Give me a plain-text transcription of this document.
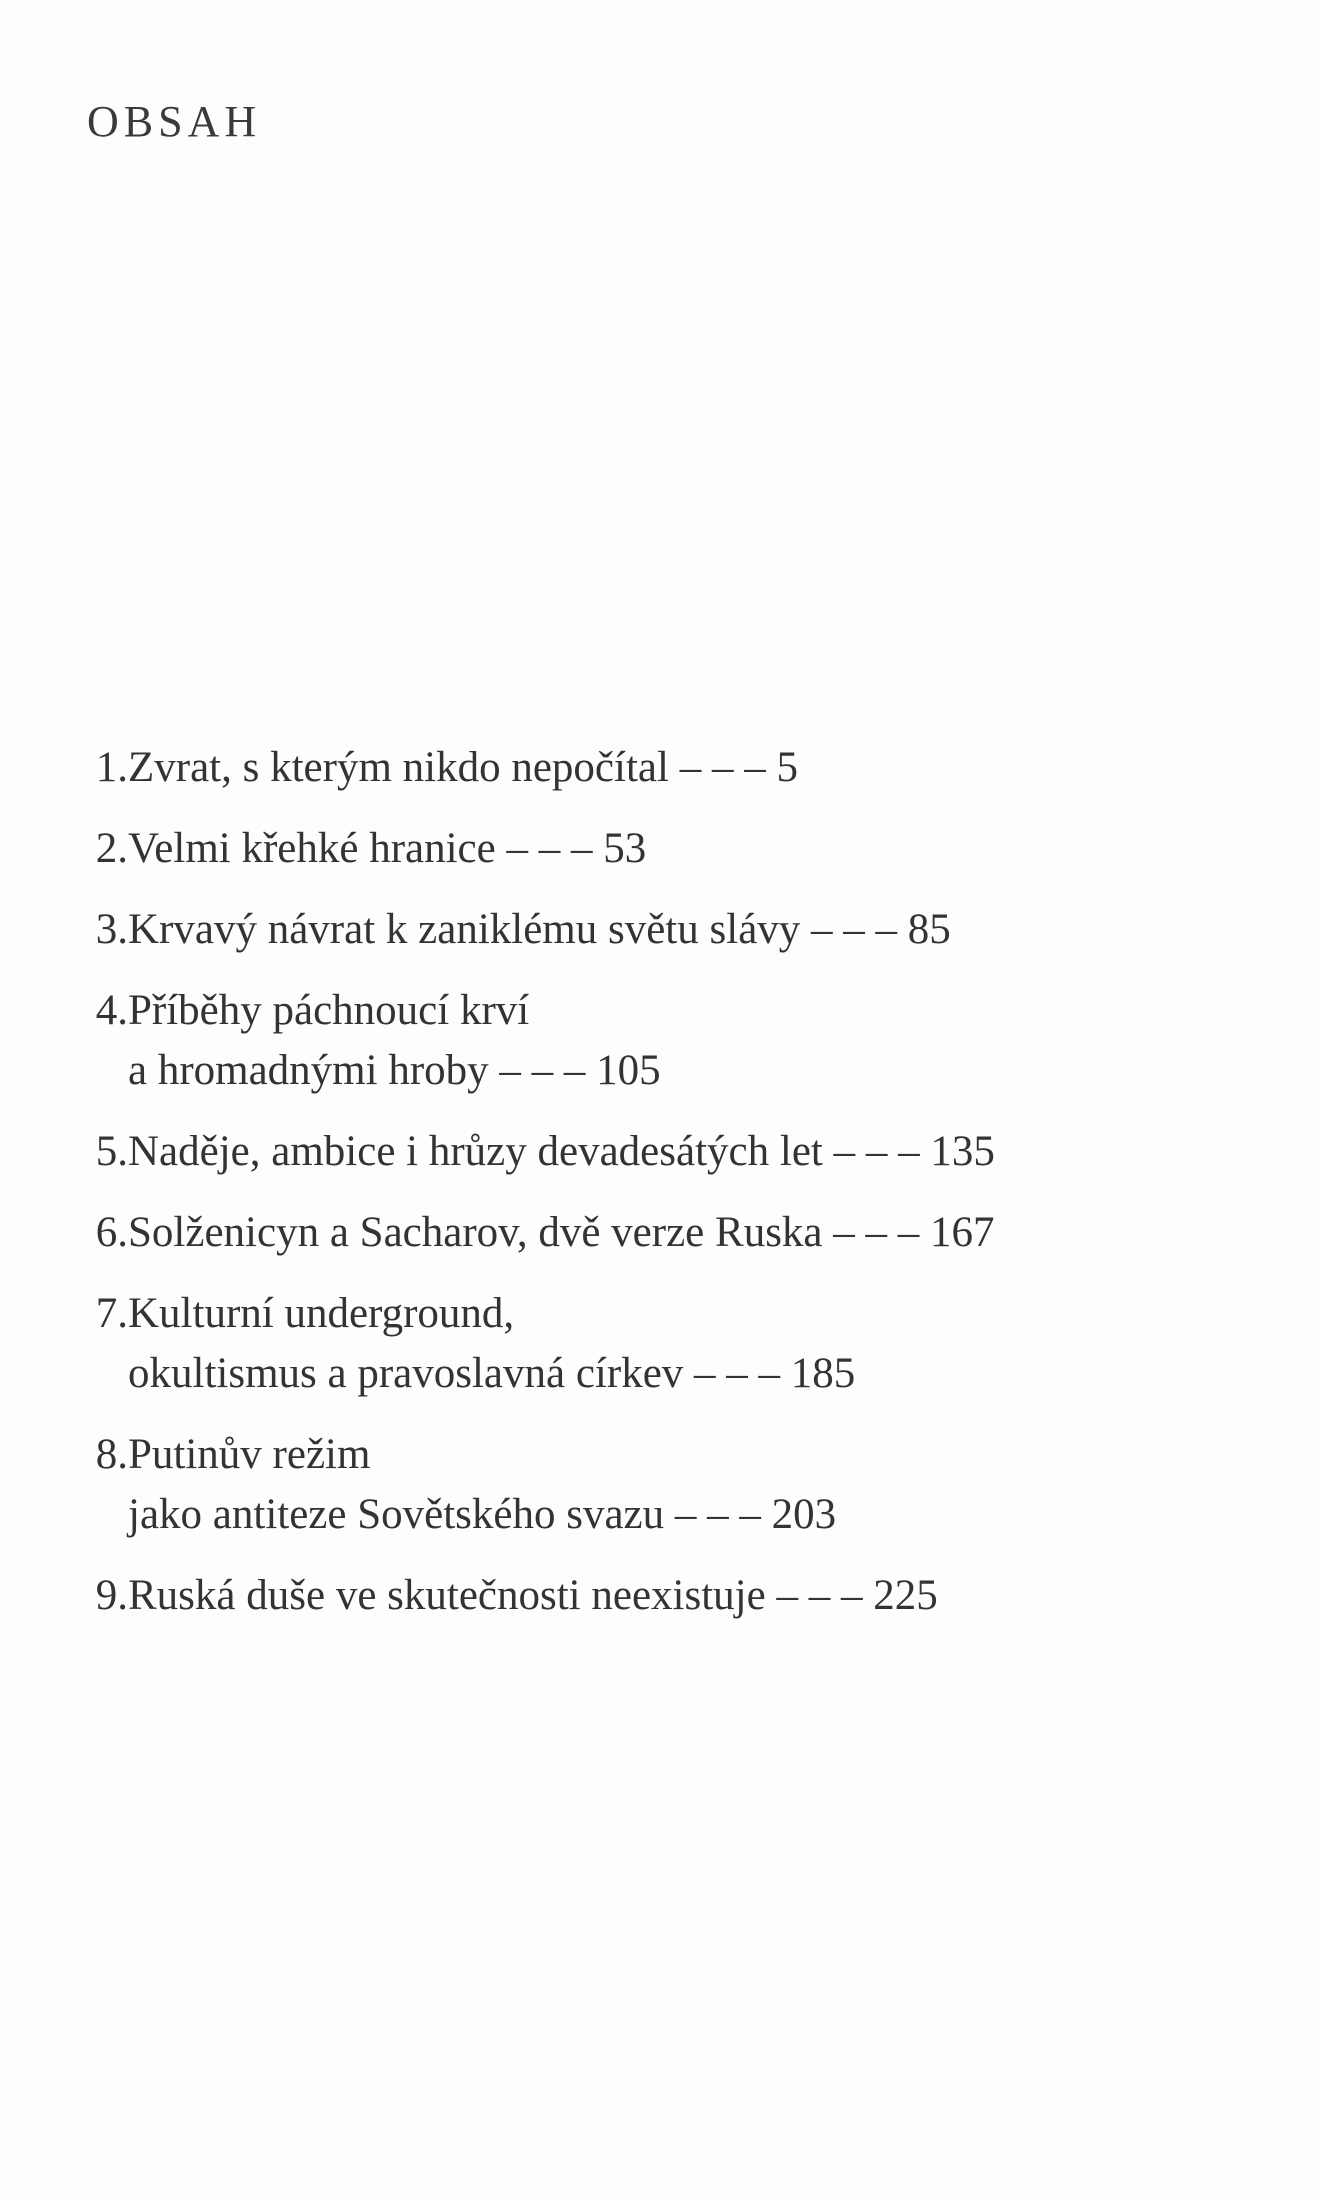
OBSAH
1. Zvrat, s kterým nikdo nepočítal – – – 5
2. Velmi křehké hranice – – – 53
3. Krvavý návrat k zaniklému světu slávy – – – 85
4. Příběhy páchnoucí krví
a hromadnými hroby – – – 105
5. Naděje, ambice i hrůzy devadesátých let – – – 135
6. Solženicyn a Sacharov, dvě verze Ruska – – – 167
7. Kulturní underground,
okultismus a pravoslavná církev – – – 185
8. Putinův režim
jako antiteze Sovětského svazu – – – 203
9. Ruská duše ve skutečnosti neexistuje – – – 225
